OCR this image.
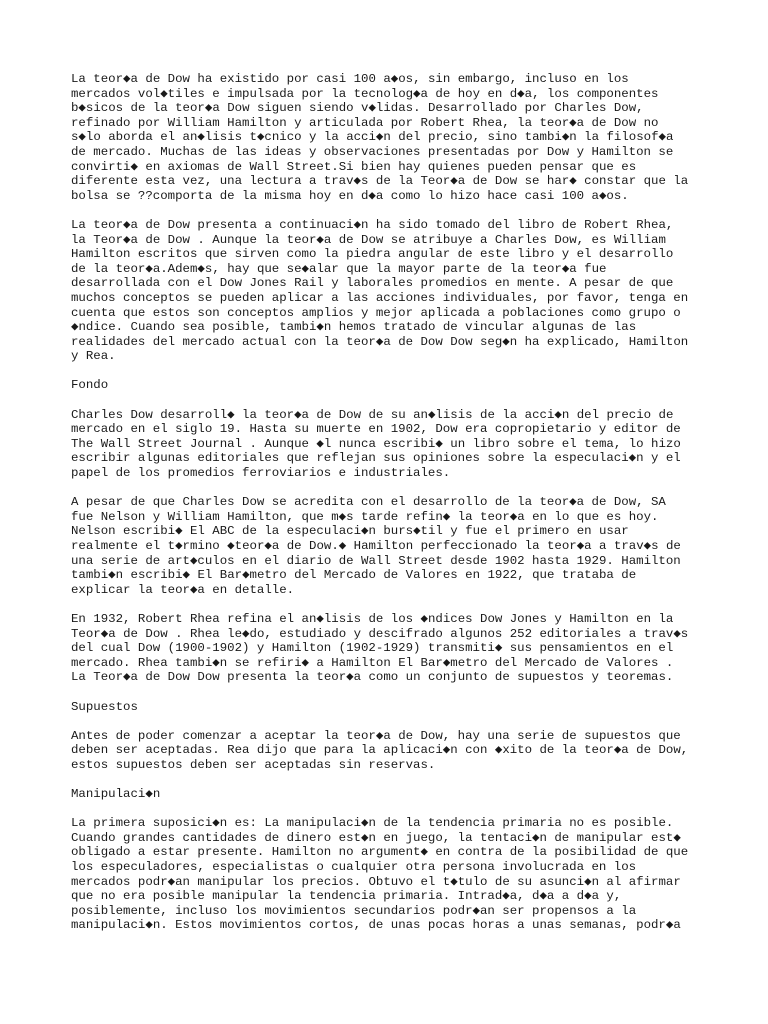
La teor◆a de Dow ha existido por casi 100 a◆os, sin embargo, incluso en los
mercados vol◆tiles e impulsada por la tecnolog◆a de hoy en d◆a, los componentes
b◆sicos de la teor◆a Dow siguen siendo v◆lidas. Desarrollado por Charles Dow,
refinado por William Hamilton y articulada por Robert Rhea, la teor◆a de Dow no
s◆lo aborda el an◆lisis t◆cnico y la acci◆n del precio, sino tambi◆n la filosof◆a
de mercado. Muchas de las ideas y observaciones presentadas por Dow y Hamilton se
convirti◆ en axiomas de Wall Street.Si bien hay quienes pueden pensar que es
diferente esta vez, una lectura a trav◆s de la Teor◆a de Dow se har◆ constar que la
bolsa se ??comporta de la misma hoy en d◆a como lo hizo hace casi 100 a◆os.

La teor◆a de Dow presenta a continuaci◆n ha sido tomado del libro de Robert Rhea,
la Teor◆a de Dow . Aunque la teor◆a de Dow se atribuye a Charles Dow, es William
Hamilton escritos que sirven como la piedra angular de este libro y el desarrollo
de la teor◆a.Adem◆s, hay que se◆alar que la mayor parte de la teor◆a fue
desarrollada con el Dow Jones Rail y laborales promedios en mente. A pesar de que
muchos conceptos se pueden aplicar a las acciones individuales, por favor, tenga en
cuenta que estos son conceptos amplios y mejor aplicada a poblaciones como grupo o
◆ndice. Cuando sea posible, tambi◆n hemos tratado de vincular algunas de las
realidades del mercado actual con la teor◆a de Dow Dow seg◆n ha explicado, Hamilton
y Rea.

Fondo

Charles Dow desarroll◆ la teor◆a de Dow de su an◆lisis de la acci◆n del precio de
mercado en el siglo 19. Hasta su muerte en 1902, Dow era copropietario y editor de
The Wall Street Journal . Aunque ◆l nunca escribi◆ un libro sobre el tema, lo hizo
escribir algunas editoriales que reflejan sus opiniones sobre la especulaci◆n y el
papel de los promedios ferroviarios e industriales.

A pesar de que Charles Dow se acredita con el desarrollo de la teor◆a de Dow, SA
fue Nelson y William Hamilton, que m◆s tarde refin◆ la teor◆a en lo que es hoy.
Nelson escribi◆ El ABC de la especulaci◆n burs◆til y fue el primero en usar
realmente el t◆rmino ◆teor◆a de Dow.◆ Hamilton perfeccionado la teor◆a a trav◆s de
una serie de art◆culos en el diario de Wall Street desde 1902 hasta 1929. Hamilton
tambi◆n escribi◆ El Bar◆metro del Mercado de Valores en 1922, que trataba de
explicar la teor◆a en detalle.

En 1932, Robert Rhea refina el an◆lisis de los ◆ndices Dow Jones y Hamilton en la
Teor◆a de Dow . Rhea le◆do, estudiado y descifrado algunos 252 editoriales a trav◆s
del cual Dow (1900-1902) y Hamilton (1902-1929) transmiti◆ sus pensamientos en el
mercado. Rhea tambi◆n se refiri◆ a Hamilton El Bar◆metro del Mercado de Valores .
La Teor◆a de Dow Dow presenta la teor◆a como un conjunto de supuestos y teoremas.

Supuestos

Antes de poder comenzar a aceptar la teor◆a de Dow, hay una serie de supuestos que
deben ser aceptadas. Rea dijo que para la aplicaci◆n con ◆xito de la teor◆a de Dow,
estos supuestos deben ser aceptadas sin reservas.

Manipulaci◆n

La primera suposici◆n es: La manipulaci◆n de la tendencia primaria no es posible.
Cuando grandes cantidades de dinero est◆n en juego, la tentaci◆n de manipular est◆
obligado a estar presente. Hamilton no argument◆ en contra de la posibilidad de que
los especuladores, especialistas o cualquier otra persona involucrada en los
mercados podr◆an manipular los precios. Obtuvo el t◆tulo de su asunci◆n al afirmar
que no era posible manipular la tendencia primaria. Intrad◆a, d◆a a d◆a y,
posiblemente, incluso los movimientos secundarios podr◆an ser propensos a la
manipulaci◆n. Estos movimientos cortos, de unas pocas horas a unas semanas, podr◆a
